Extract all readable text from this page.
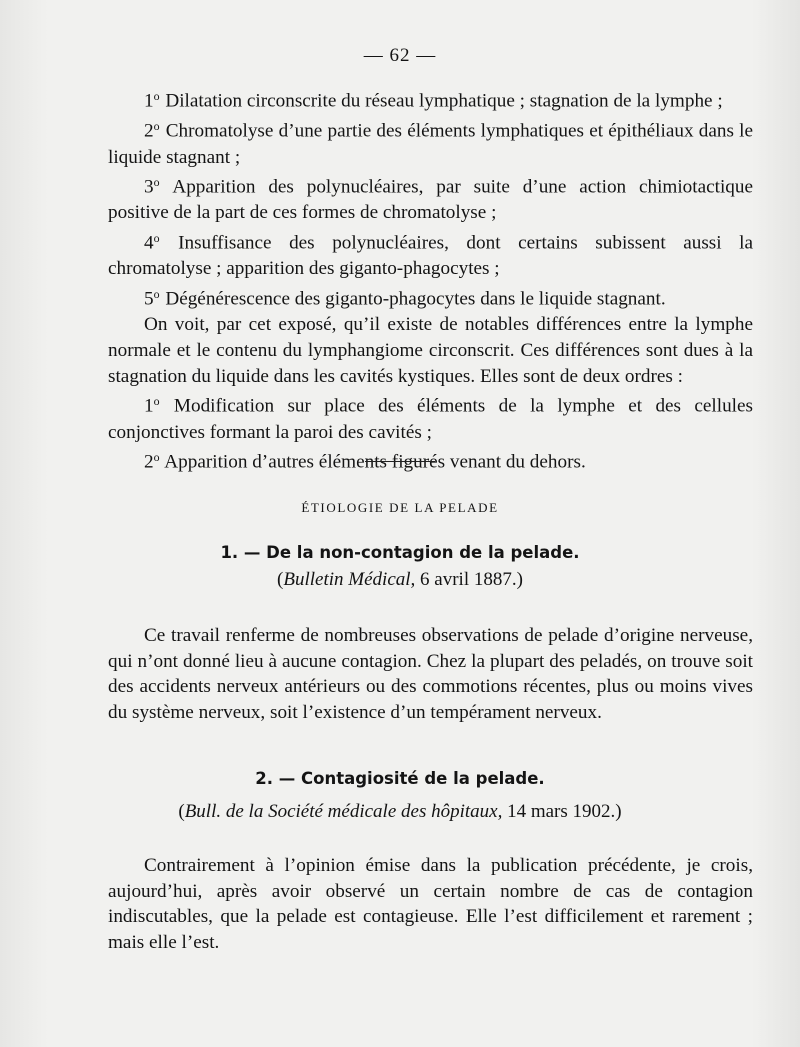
— 62 —

1$^o$ Dilatation circonscrite du réseau lymphatique ; stagnation de la lymphe ;

2$^o$ Chromatolyse d’une partie des éléments lymphatiques et épithéliaux dans le liquide stagnant ;

3$^o$ Apparition des polynucléaires, par suite d’une action chimiotactique positive de la part de ces formes de chromatolyse ;

4$^o$ Insuffisance des polynucléaires, dont certains subissent aussi la chromatolyse ; apparition des giganto-phagocytes ;

5$^o$ Dégénérescence des giganto-phagocytes dans le liquide stagnant.

On voit, par cet exposé, qu’il existe de notables différences entre la lymphe normale et le contenu du lymphangiome circonscrit. Ces différences sont dues à la stagnation du liquide dans les cavités kystiques. Elles sont de deux ordres :

1$^o$ Modification sur place des éléments de la lymphe et des cellules conjonctives formant la paroi des cavités ;

2$^o$ Apparition d’autres éléments figurés venant du dehors.

ÉTIOLOGIE DE LA PELADE
1. — De la non-contagion de la pelade.
(Bulletin Médical, 6 avril 1887.)

Ce travail renferme de nombreuses observations de pelade d’origine nerveuse, qui n’ont donné lieu à aucune contagion. Chez la plupart des peladés, on trouve soit des accidents nerveux antérieurs ou des commotions récentes, plus ou moins vives du système nerveux, soit l’existence d’un tempérament nerveux.

2. — Contagiosité de la pelade.
(Bull. de la Société médicale des hôpitaux, 14 mars 1902.)

Contrairement à l’opinion émise dans la publication précédente, je crois, aujourd’hui, après avoir observé un certain nombre de cas de contagion indiscutables, que la pelade est contagieuse. Elle l’est difficilement et rarement ; mais elle l’est.
